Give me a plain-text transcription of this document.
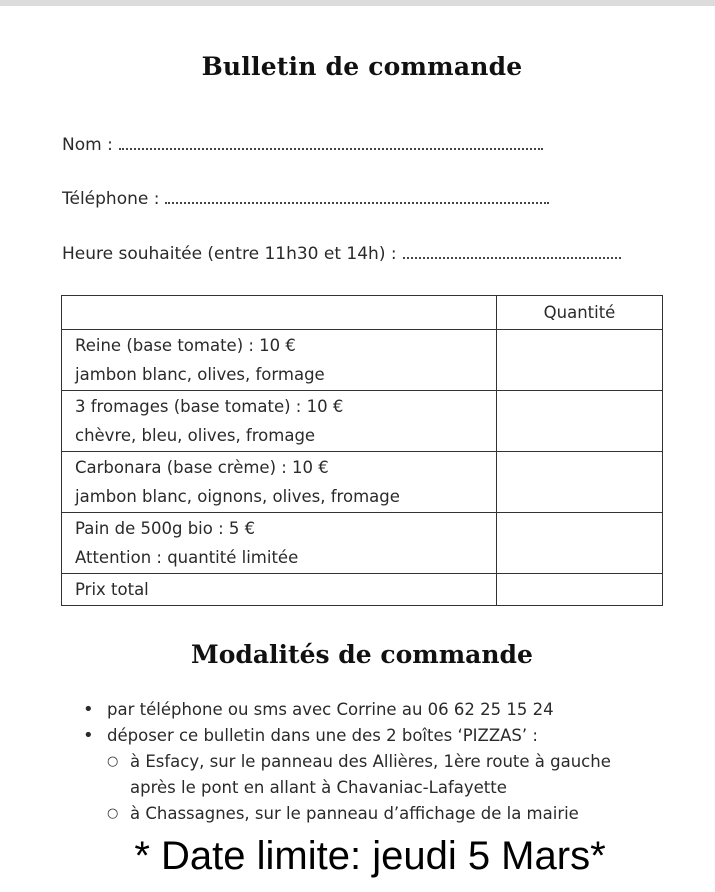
Bulletin de commande
Nom :
Téléphone :
Heure souhaitée (entre 11h30 et 14h) :
	Quantité

Reine (base tomate) : 10 €
jambon blanc, olives, formage	

3 fromages (base tomate) : 10 €
chèvre, bleu, olives, fromage	

Carbonara (base crème) : 10 €
jambon blanc, oignons, olives, fromage	

Pain de 500g bio : 5 €
Attention : quantité limitée	

Prix total	
Modalités de commande
• par téléphone ou sms avec Corrine au 06 62 25 15 24
• déposer ce bulletin dans une des 2 boîtes ‘PIZZAS’ :
○ à Esfacy, sur le panneau des Allières, 1ère route à gauche
après le pont en allant à Chavaniac-Lafayette
○ à Chassagnes, sur le panneau d’affichage de la mairie
* Date limite: jeudi 5 Mars*
